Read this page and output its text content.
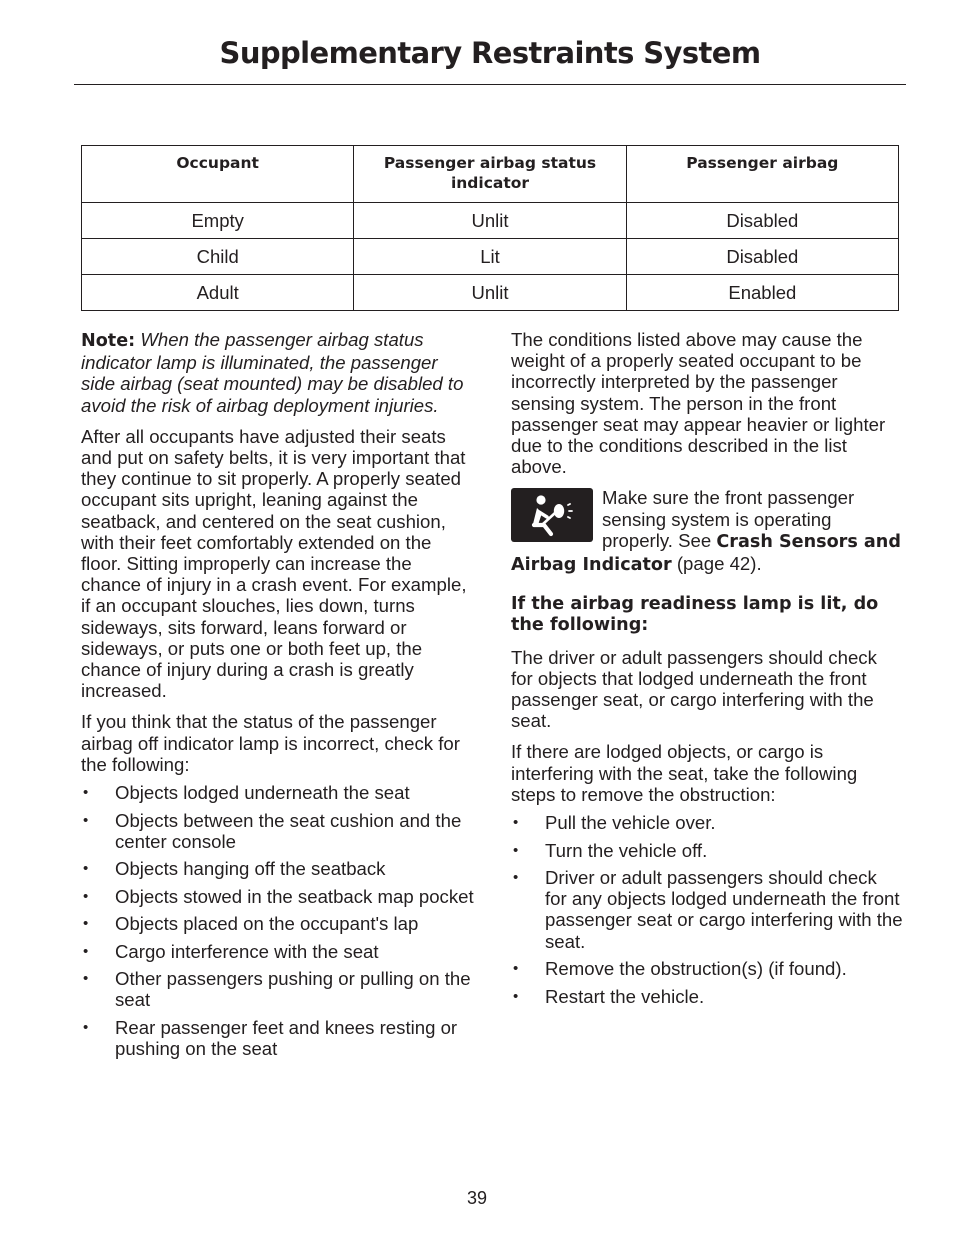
Supplementary Restraints System
Occupant	Passenger airbag status indicator	Passenger airbag
Empty	Unlit	Disabled
Child	Lit	Disabled
Adult	Unlit	Enabled

Note: When the passenger airbag status indicator lamp is illuminated, the passenger side airbag (seat mounted) may be disabled to avoid the risk of airbag deployment injuries.

After all occupants have adjusted their seats and put on safety belts, it is very important that they continue to sit properly. A properly seated occupant sits upright, leaning against the seatback, and centered on the seat cushion, with their feet comfortably extended on the floor. Sitting improperly can increase the chance of injury in a crash event. For example, if an occupant slouches, lies down, turns sideways, sits forward, leans forward or sideways, or puts one or both feet up, the chance of injury during a crash is greatly increased.

If you think that the status of the passenger airbag off indicator lamp is incorrect, check for the following:

• Objects lodged underneath the seat
• Objects between the seat cushion and the center console
• Objects hanging off the seatback
• Objects stowed in the seatback map pocket
• Objects placed on the occupant's lap
• Cargo interference with the seat
• Other passengers pushing or pulling on the seat
• Rear passenger feet and knees resting or pushing on the seat

The conditions listed above may cause the weight of a properly seated occupant to be incorrectly interpreted by the passenger sensing system. The person in the front passenger seat may appear heavier or lighter due to the conditions described in the list above.

Make sure the front passenger sensing system is operating properly. See Crash Sensors and Airbag Indicator (page 42).

If the airbag readiness lamp is lit, do the following:

The driver or adult passengers should check for objects that lodged underneath the front passenger seat, or cargo interfering with the seat.

If there are lodged objects, or cargo is interfering with the seat, take the following steps to remove the obstruction:

• Pull the vehicle over.
• Turn the vehicle off.
• Driver or adult passengers should check for any objects lodged underneath the front passenger seat or cargo interfering with the seat.
• Remove the obstruction(s) (if found).
• Restart the vehicle.
39
